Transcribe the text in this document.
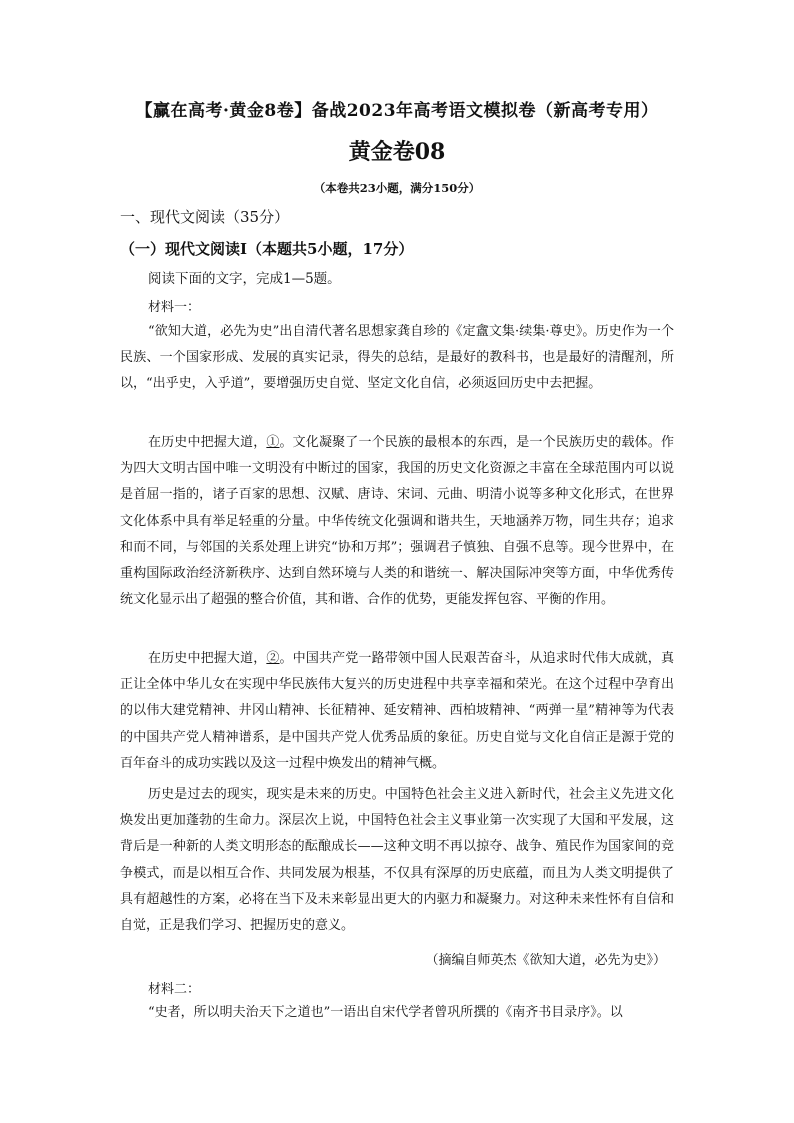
【赢在高考·黄金8卷】备战2023年高考语文模拟卷（新高考专用）
黄金卷08
（本卷共23小题，满分150分）
一、现代文阅读（35分）
（一）现代文阅读Ⅰ（本题共5小题，17分）
阅读下面的文字，完成1—5题。
材料一：

“欲知大道，必先为史”出自清代著名思想家龚自珍的《定盦文集·续集·尊史》。历史作为一个民族、一个国家形成、发展的真实记录，得失的总结，是最好的教科书，也是最好的清醒剂，所以，“出乎史，入乎道”，要增强历史自觉、坚定文化自信，必须返回历史中去把握。

在历史中把握大道，①。文化凝聚了一个民族的最根本的东西，是一个民族历史的载体。作为四大文明古国中唯一文明没有中断过的国家，我国的历史文化资源之丰富在全球范围内可以说是首屈一指的，诸子百家的思想、汉赋、唐诗、宋词、元曲、明清小说等多种文化形式，在世界文化体系中具有举足轻重的分量。中华传统文化强调和谐共生，天地涵养万物，同生共存；追求和而不同，与邻国的关系处理上讲究“协和万邦”；强调君子慎独、自强不息等。现今世界中，在重构国际政治经济新秩序、达到自然环境与人类的和谐统一、解决国际冲突等方面，中华优秀传统文化显示出了超强的整合价值，其和谐、合作的优势，更能发挥包容、平衡的作用。

在历史中把握大道，②。中国共产党一路带领中国人民艰苦奋斗，从追求时代伟大成就，真正让全体中华儿女在实现中华民族伟大复兴的历史进程中共享幸福和荣光。在这个过程中孕育出的以伟大建党精神、井冈山精神、长征精神、延安精神、西柏坡精神、“两弹一星”精神等为代表的中国共产党人精神谱系，是中国共产党人优秀品质的象征。历史自觉与文化自信正是源于党的百年奋斗的成功实践以及这一过程中焕发出的精神气概。

历史是过去的现实，现实是未来的历史。中国特色社会主义进入新时代，社会主义先进文化焕发出更加蓬勃的生命力。深层次上说，中国特色社会主义事业第一次实现了大国和平发展，这背后是一种新的人类文明形态的酝酿成长——这种文明不再以掠夺、战争、殖民作为国家间的竞争模式，而是以相互合作、共同发展为根基，不仅具有深厚的历史底蕴，而且为人类文明提供了具有超越性的方案，必将在当下及未来彰显出更大的内驱力和凝聚力。对这种未来性怀有自信和自觉，正是我们学习、把握历史的意义。

（摘编自师英杰《欲知大道，必先为史》）
材料二：

“史者，所以明夫治天下之道也”一语出自宋代学者曾巩所撰的《南齐书目录序》。以
